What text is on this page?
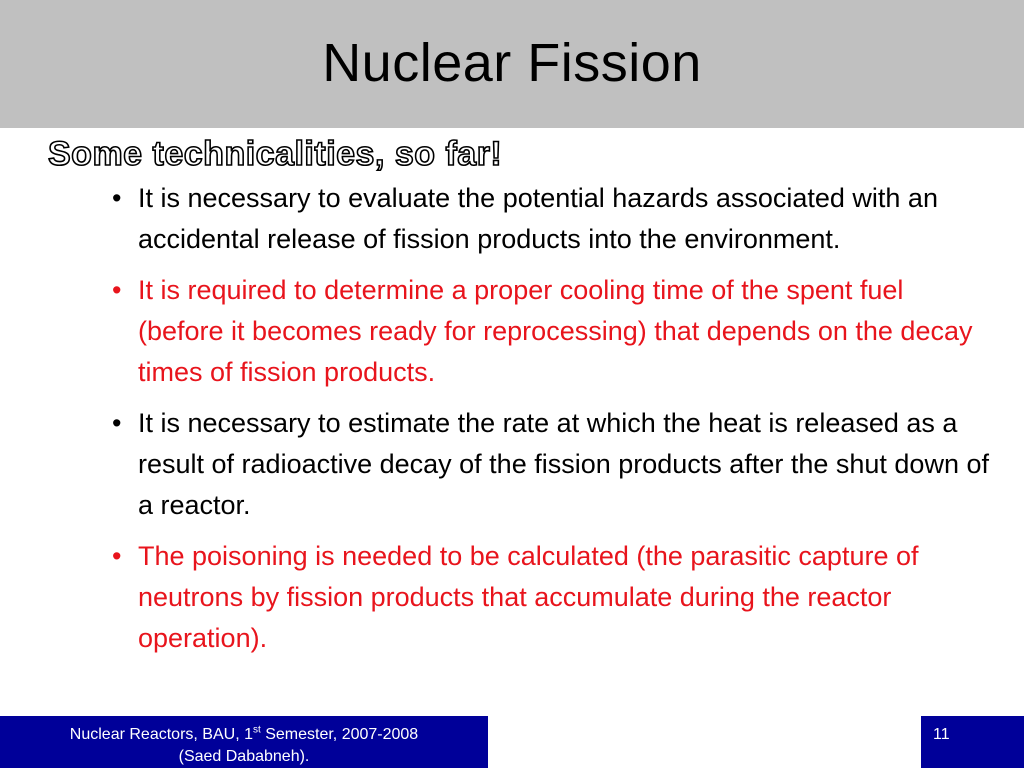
Nuclear Fission
Some technicalities, so far!
• It is necessary to evaluate the potential hazards associated with an accidental release of fission products into the environment.
• It is required to determine a proper cooling time of the spent fuel (before it becomes ready for reprocessing) that depends on the decay times of fission products.
• It is necessary to estimate the rate at which the heat is released as a result of radioactive decay of the fission products after the shut down of a reactor.
• The poisoning is needed to be calculated (the parasitic capture of neutrons by fission products that accumulate during the reactor operation).
Nuclear Reactors, BAU, 1st Semester, 2007-2008
(Saed Dababneh).
11
